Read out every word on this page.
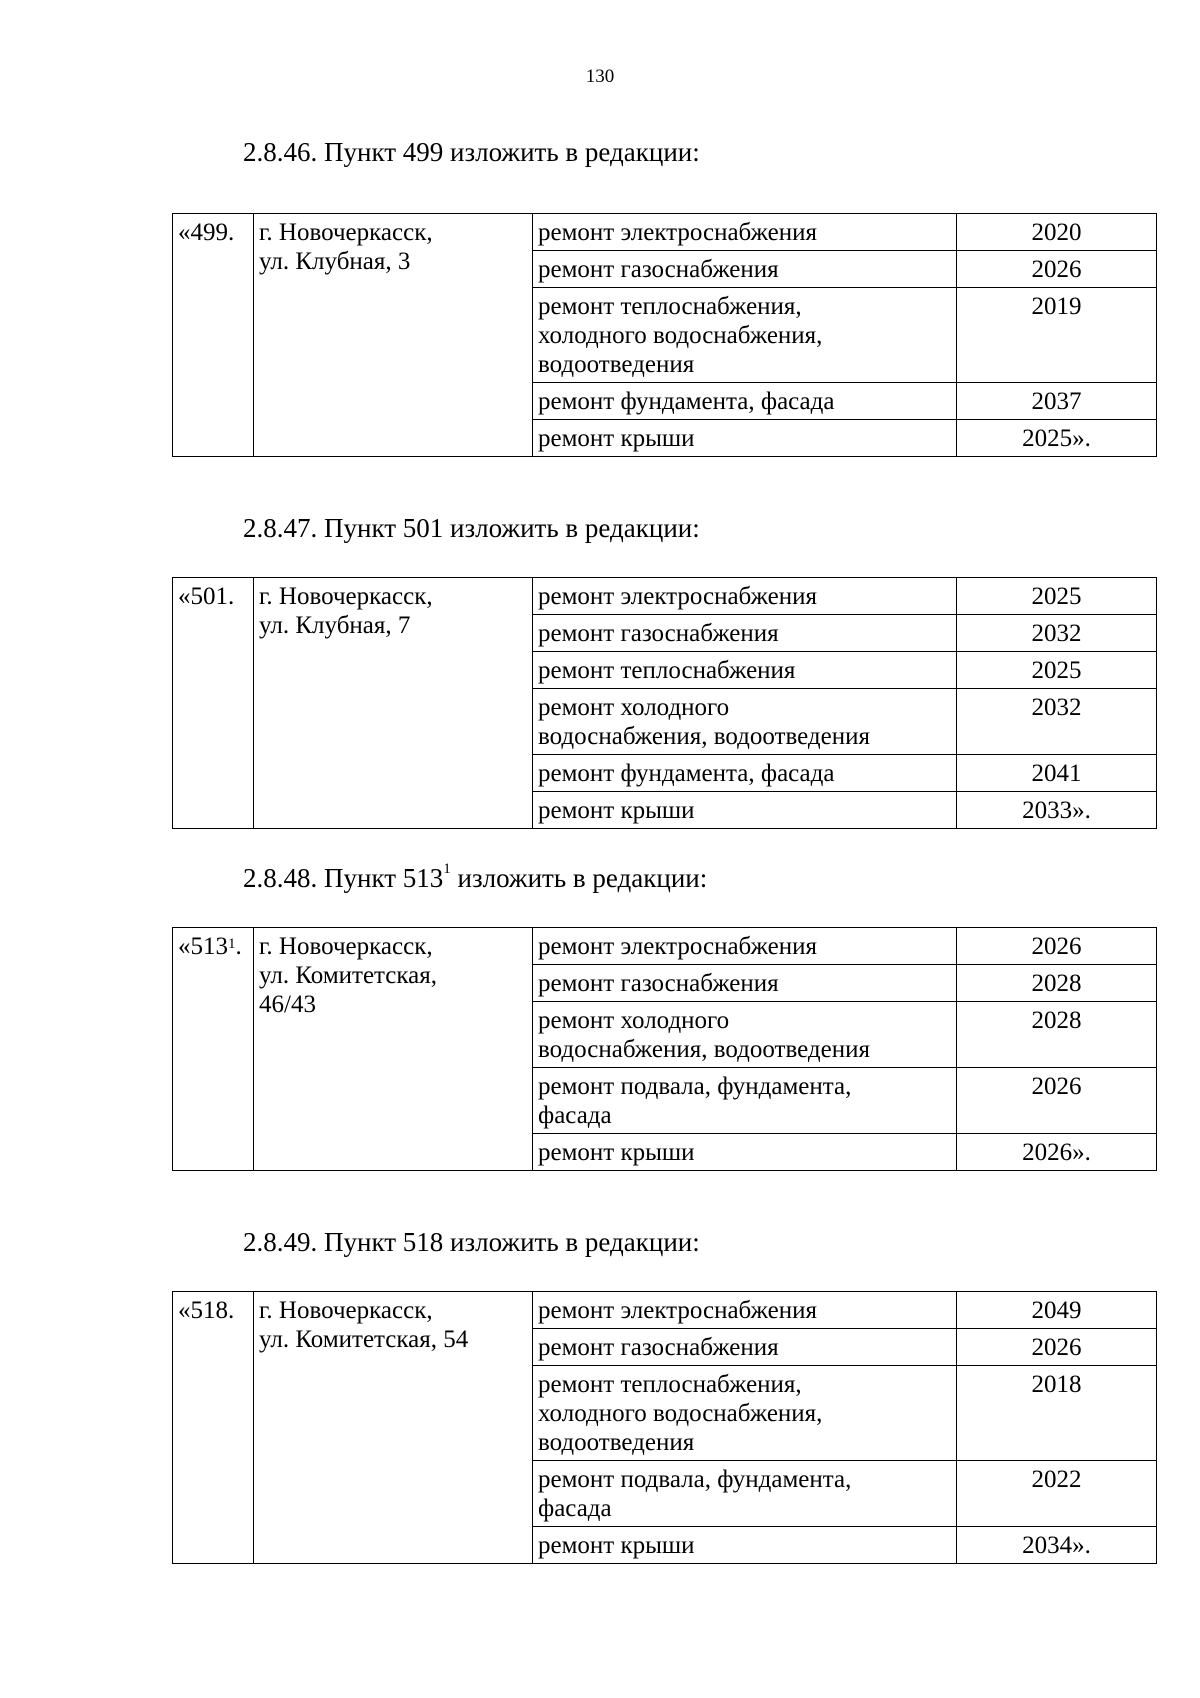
130
2.8.46. Пункт 499 изложить в редакции:
«499.	г. Новочеркасск,
ул. Клубная, 3	ремонт электроснабжения	2020
		ремонт газоснабжения	2026
		ремонт теплоснабжения,
холодного водоснабжения,
водоотведения	2019
		ремонт фундамента, фасада	2037
		ремонт крыши	2025».
2.8.47. Пункт 501 изложить в редакции:
«501.	г. Новочеркасск,
ул. Клубная, 7	ремонт электроснабжения	2025
		ремонт газоснабжения	2032
		ремонт теплоснабжения	2025
		ремонт холодного
водоснабжения, водоотведения	2032
		ремонт фундамента, фасада	2041
		ремонт крыши	2033».
2.8.48. Пункт $513^1$ изложить в редакции:
«$513^1$.	г. Новочеркасск,
ул. Комитетская,
46/43	ремонт электроснабжения	2026
		ремонт газоснабжения	2028
		ремонт холодного
водоснабжения, водоотведения	2028
		ремонт подвала, фундамента,
фасада	2026
		ремонт крыши	2026».
2.8.49. Пункт 518 изложить в редакции:
«518.	г. Новочеркасск,
ул. Комитетская, 54	ремонт электроснабжения	2049
		ремонт газоснабжения	2026
		ремонт теплоснабжения,
холодного водоснабжения,
водоотведения	2018
		ремонт подвала, фундамента,
фасада	2022
		ремонт крыши	2034».
